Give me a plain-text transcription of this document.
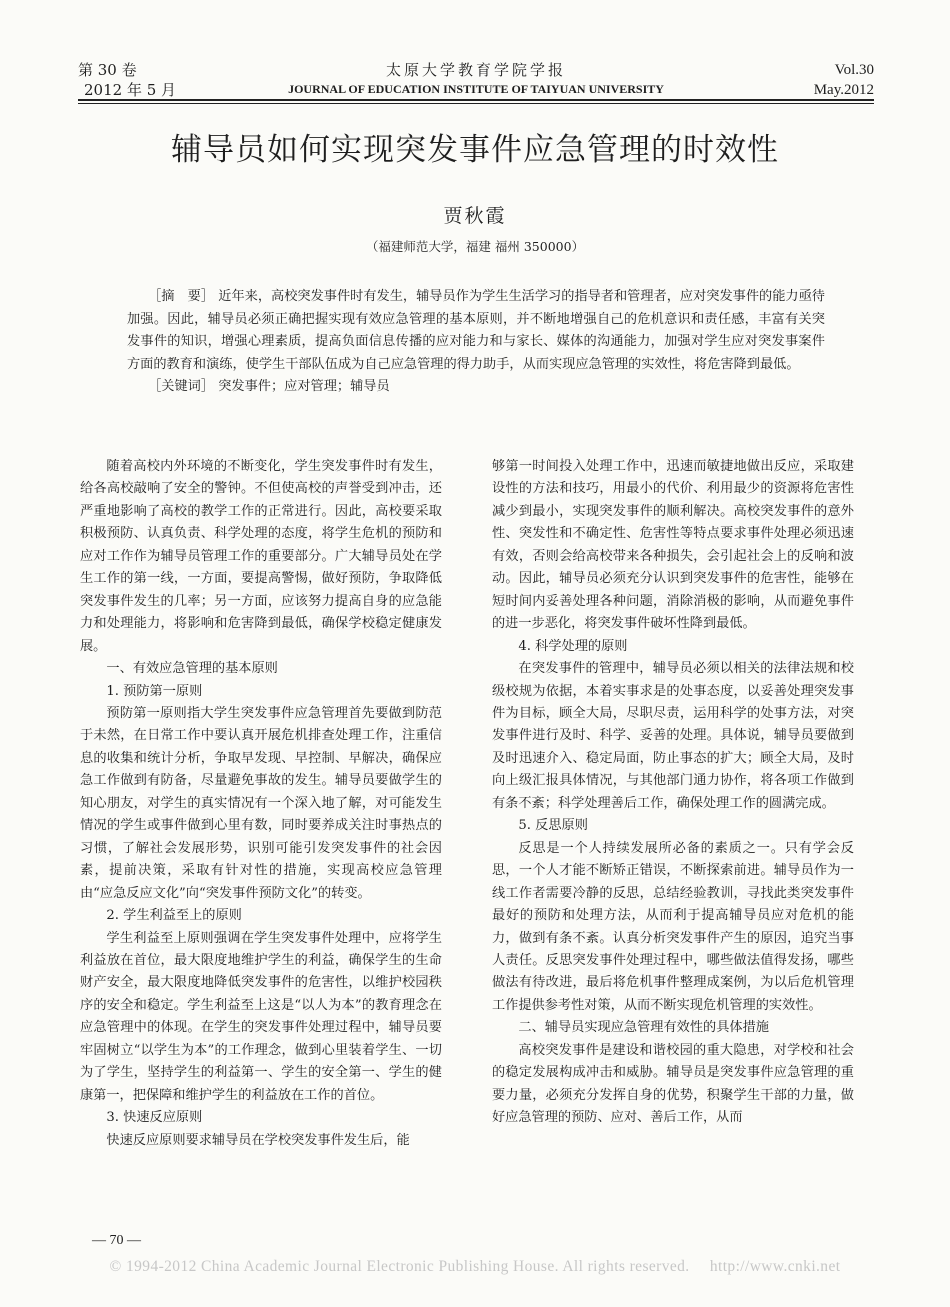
第 30 卷
2012 年 5 月
太原大学教育学院学报
JOURNAL OF EDUCATION INSTITUTE OF TAIYUAN UNIVERSITY
Vol.30
May.2012
辅导员如何实现突发事件应急管理的时效性
贾秋霞
（福建师范大学，福建 福州 350000）

［摘　要］ 近年来，高校突发事件时有发生，辅导员作为学生生活学习的指导者和管理者，应对突发事件的能力亟待加强。因此，辅导员必须正确把握实现有效应急管理的基本原则，并不断地增强自己的危机意识和责任感，丰富有关突发事件的知识，增强心理素质，提高负面信息传播的应对能力和与家长、媒体的沟通能力，加强对学生应对突发事案件方面的教育和演练，使学生干部队伍成为自己应急管理的得力助手，从而实现应急管理的实效性，将危害降到最低。

［关键词］ 突发事件；应对管理；辅导员

随着高校内外环境的不断变化，学生突发事件时有发生，给各高校敲响了安全的警钟。不但使高校的声誉受到冲击，还严重地影响了高校的教学工作的正常进行。因此，高校要采取积极预防、认真负责、科学处理的态度，将学生危机的预防和应对工作作为辅导员管理工作的重要部分。广大辅导员处在学生工作的第一线，一方面，要提高警惕，做好预防，争取降低突发事件发生的几率；另一方面，应该努力提高自身的应急能力和处理能力，将影响和危害降到最低，确保学校稳定健康发展。

一、有效应急管理的基本原则

1. 预防第一原则

预防第一原则指大学生突发事件应急管理首先要做到防范于未然，在日常工作中要认真开展危机排查处理工作，注重信息的收集和统计分析，争取早发现、早控制、早解决，确保应急工作做到有防备，尽量避免事故的发生。辅导员要做学生的知心朋友，对学生的真实情况有一个深入地了解，对可能发生情况的学生或事件做到心里有数，同时要养成关注时事热点的习惯，了解社会发展形势，识别可能引发突发事件的社会因素，提前决策，采取有针对性的措施，实现高校应急管理由“应急反应文化”向“突发事件预防文化”的转变。

2. 学生利益至上的原则

学生利益至上原则强调在学生突发事件处理中，应将学生利益放在首位，最大限度地维护学生的利益，确保学生的生命财产安全，最大限度地降低突发事件的危害性，以维护校园秩序的安全和稳定。学生利益至上这是“以人为本”的教育理念在应急管理中的体现。在学生的突发事件处理过程中，辅导员要牢固树立“以学生为本”的工作理念，做到心里装着学生、一切为了学生，坚持学生的利益第一、学生的安全第一、学生的健康第一，把保障和维护学生的利益放在工作的首位。

3. 快速反应原则

快速反应原则要求辅导员在学校突发事件发生后，能

够第一时间投入处理工作中，迅速而敏捷地做出反应，采取建设性的方法和技巧，用最小的代价、利用最少的资源将危害性减少到最小，实现突发事件的顺利解决。高校突发事件的意外性、突发性和不确定性、危害性等特点要求事件处理必须迅速有效，否则会给高校带来各种损失，会引起社会上的反响和波动。因此，辅导员必须充分认识到突发事件的危害性，能够在短时间内妥善处理各种问题，消除消极的影响，从而避免事件的进一步恶化，将突发事件破坏性降到最低。

4. 科学处理的原则

在突发事件的管理中，辅导员必须以相关的法律法规和校级校规为依据，本着实事求是的处事态度，以妥善处理突发事件为目标，顾全大局，尽职尽责，运用科学的处事方法，对突发事件进行及时、科学、妥善的处理。具体说，辅导员要做到及时迅速介入、稳定局面，防止事态的扩大；顾全大局，及时向上级汇报具体情况，与其他部门通力协作，将各项工作做到有条不紊；科学处理善后工作，确保处理工作的圆满完成。

5. 反思原则

反思是一个人持续发展所必备的素质之一。只有学会反思，一个人才能不断矫正错误，不断探索前进。辅导员作为一线工作者需要冷静的反思，总结经验教训，寻找此类突发事件最好的预防和处理方法，从而利于提高辅导员应对危机的能力，做到有条不紊。认真分析突发事件产生的原因，追究当事人责任。反思突发事件处理过程中，哪些做法值得发扬，哪些做法有待改进，最后将危机事件整理成案例，为以后危机管理工作提供参考性对策，从而不断实现危机管理的实效性。

二、辅导员实现应急管理有效性的具体措施

高校突发事件是建设和谐校园的重大隐患，对学校和社会的稳定发展构成冲击和威胁。辅导员是突发事件应急管理的重要力量，必须充分发挥自身的优势，积聚学生干部的力量，做好应急管理的预防、应对、善后工作，从而

— 70 —
© 1994-2012 China Academic Journal Electronic Publishing House. All rights reserved. http://www.cnki.net
